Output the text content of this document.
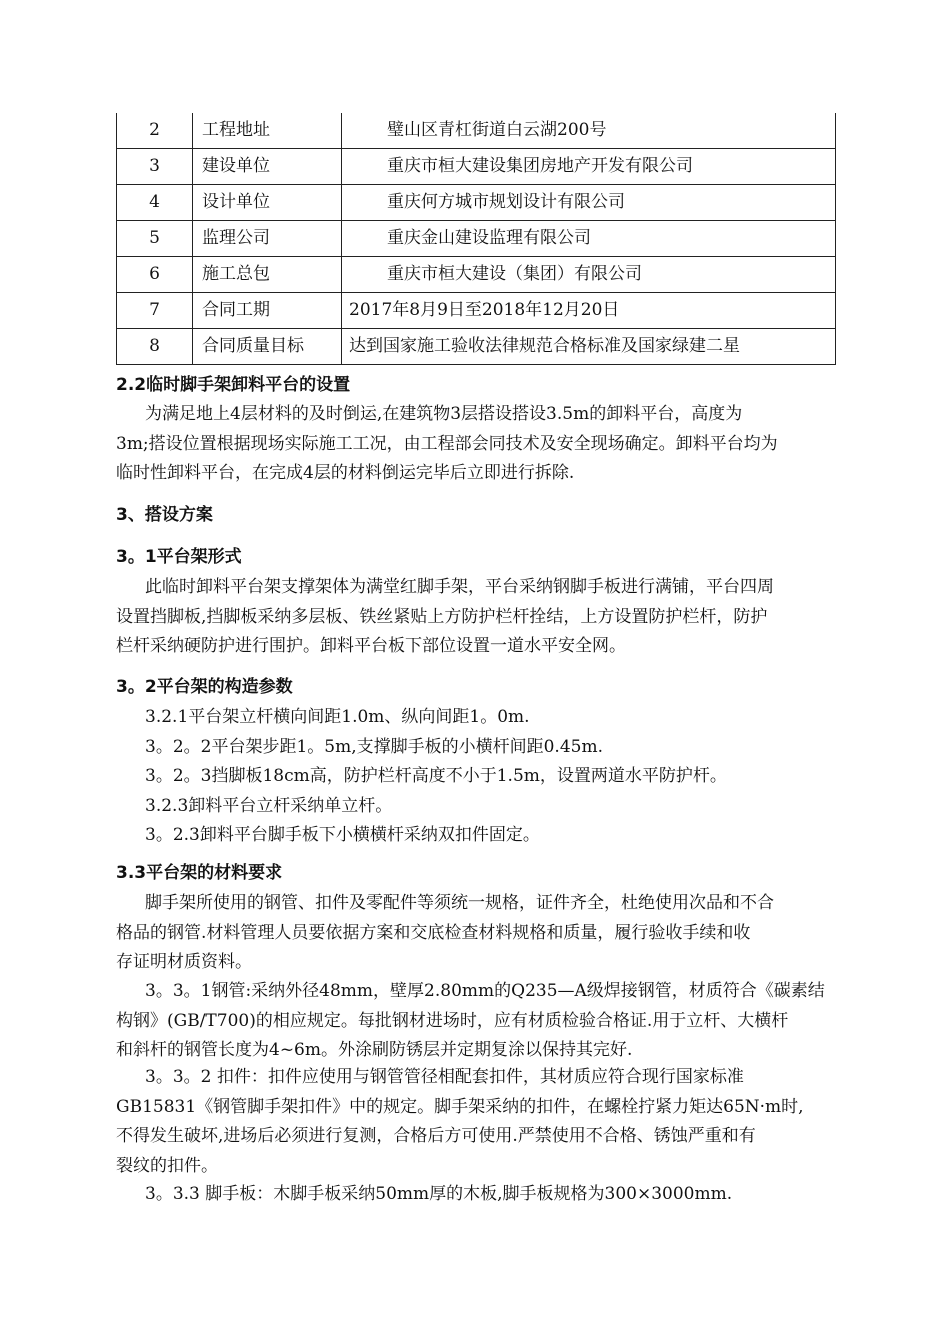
2	工程地址	璧山区青杠街道白云湖200号
3	建设单位	重庆市桓大建设集团房地产开发有限公司
4	设计单位	重庆何方城市规划设计有限公司
5	监理公司	重庆金山建设监理有限公司
6	施工总包	重庆市桓大建设（集团）有限公司
7	合同工期	2017年8月9日至2018年12月20日
8	合同质量目标	达到国家施工验收法律规范合格标准及国家绿建二星
2.2临时脚手架卸料平台的设置
为满足地上4层材料的及时倒运,在建筑物3层搭设搭设3.5m的卸料平台，高度为
3m;搭设位置根据现场实际施工工况，由工程部会同技术及安全现场确定。卸料平台均为
临时性卸料平台，在完成4层的材料倒运完毕后立即进行拆除.
3、搭设方案
3。1平台架形式
此临时卸料平台架支撑架体为满堂红脚手架，平台采纳钢脚手板进行满铺，平台四周
设置挡脚板,挡脚板采纳多层板、铁丝紧贴上方防护栏杆拴结，上方设置防护栏杆，防护
栏杆采纳硬防护进行围护。卸料平台板下部位设置一道水平安全网。
3。2平台架的构造参数
3.2.1平台架立杆横向间距1.0m、纵向间距1。0m.
3。2。2平台架步距1。5m,支撑脚手板的小横杆间距0.45m.
3。2。3挡脚板18cm高，防护栏杆高度不小于1.5m，设置两道水平防护杆。
3.2.3卸料平台立杆采纳单立杆。
3。2.3卸料平台脚手板下小横横杆采纳双扣件固定。
3.3平台架的材料要求
脚手架所使用的钢管、扣件及零配件等须统一规格，证件齐全，杜绝使用次品和不合
格品的钢管.材料管理人员要依据方案和交底检查材料规格和质量，履行验收手续和收
存证明材质资料。
3。3。1钢管:采纳外径48mm，壁厚2.80mm的Q235—A级焊接钢管，材质符合《碳素结
构钢》(GB/T700)的相应规定。每批钢材进场时，应有材质检验合格证.用于立杆、大横杆
和斜杆的钢管长度为4~6m。外涂刷防锈层并定期复涂以保持其完好.
3。3。2 扣件：扣件应使用与钢管管径相配套扣件，其材质应符合现行国家标准
GB15831《钢管脚手架扣件》中的规定。脚手架采纳的扣件，在螺栓拧紧力矩达65N·m时,
不得发生破坏,进场后必须进行复测，合格后方可使用.严禁使用不合格、锈蚀严重和有
裂纹的扣件。
3。3.3 脚手板：木脚手板采纳50mm厚的木板,脚手板规格为300×3000mm.
